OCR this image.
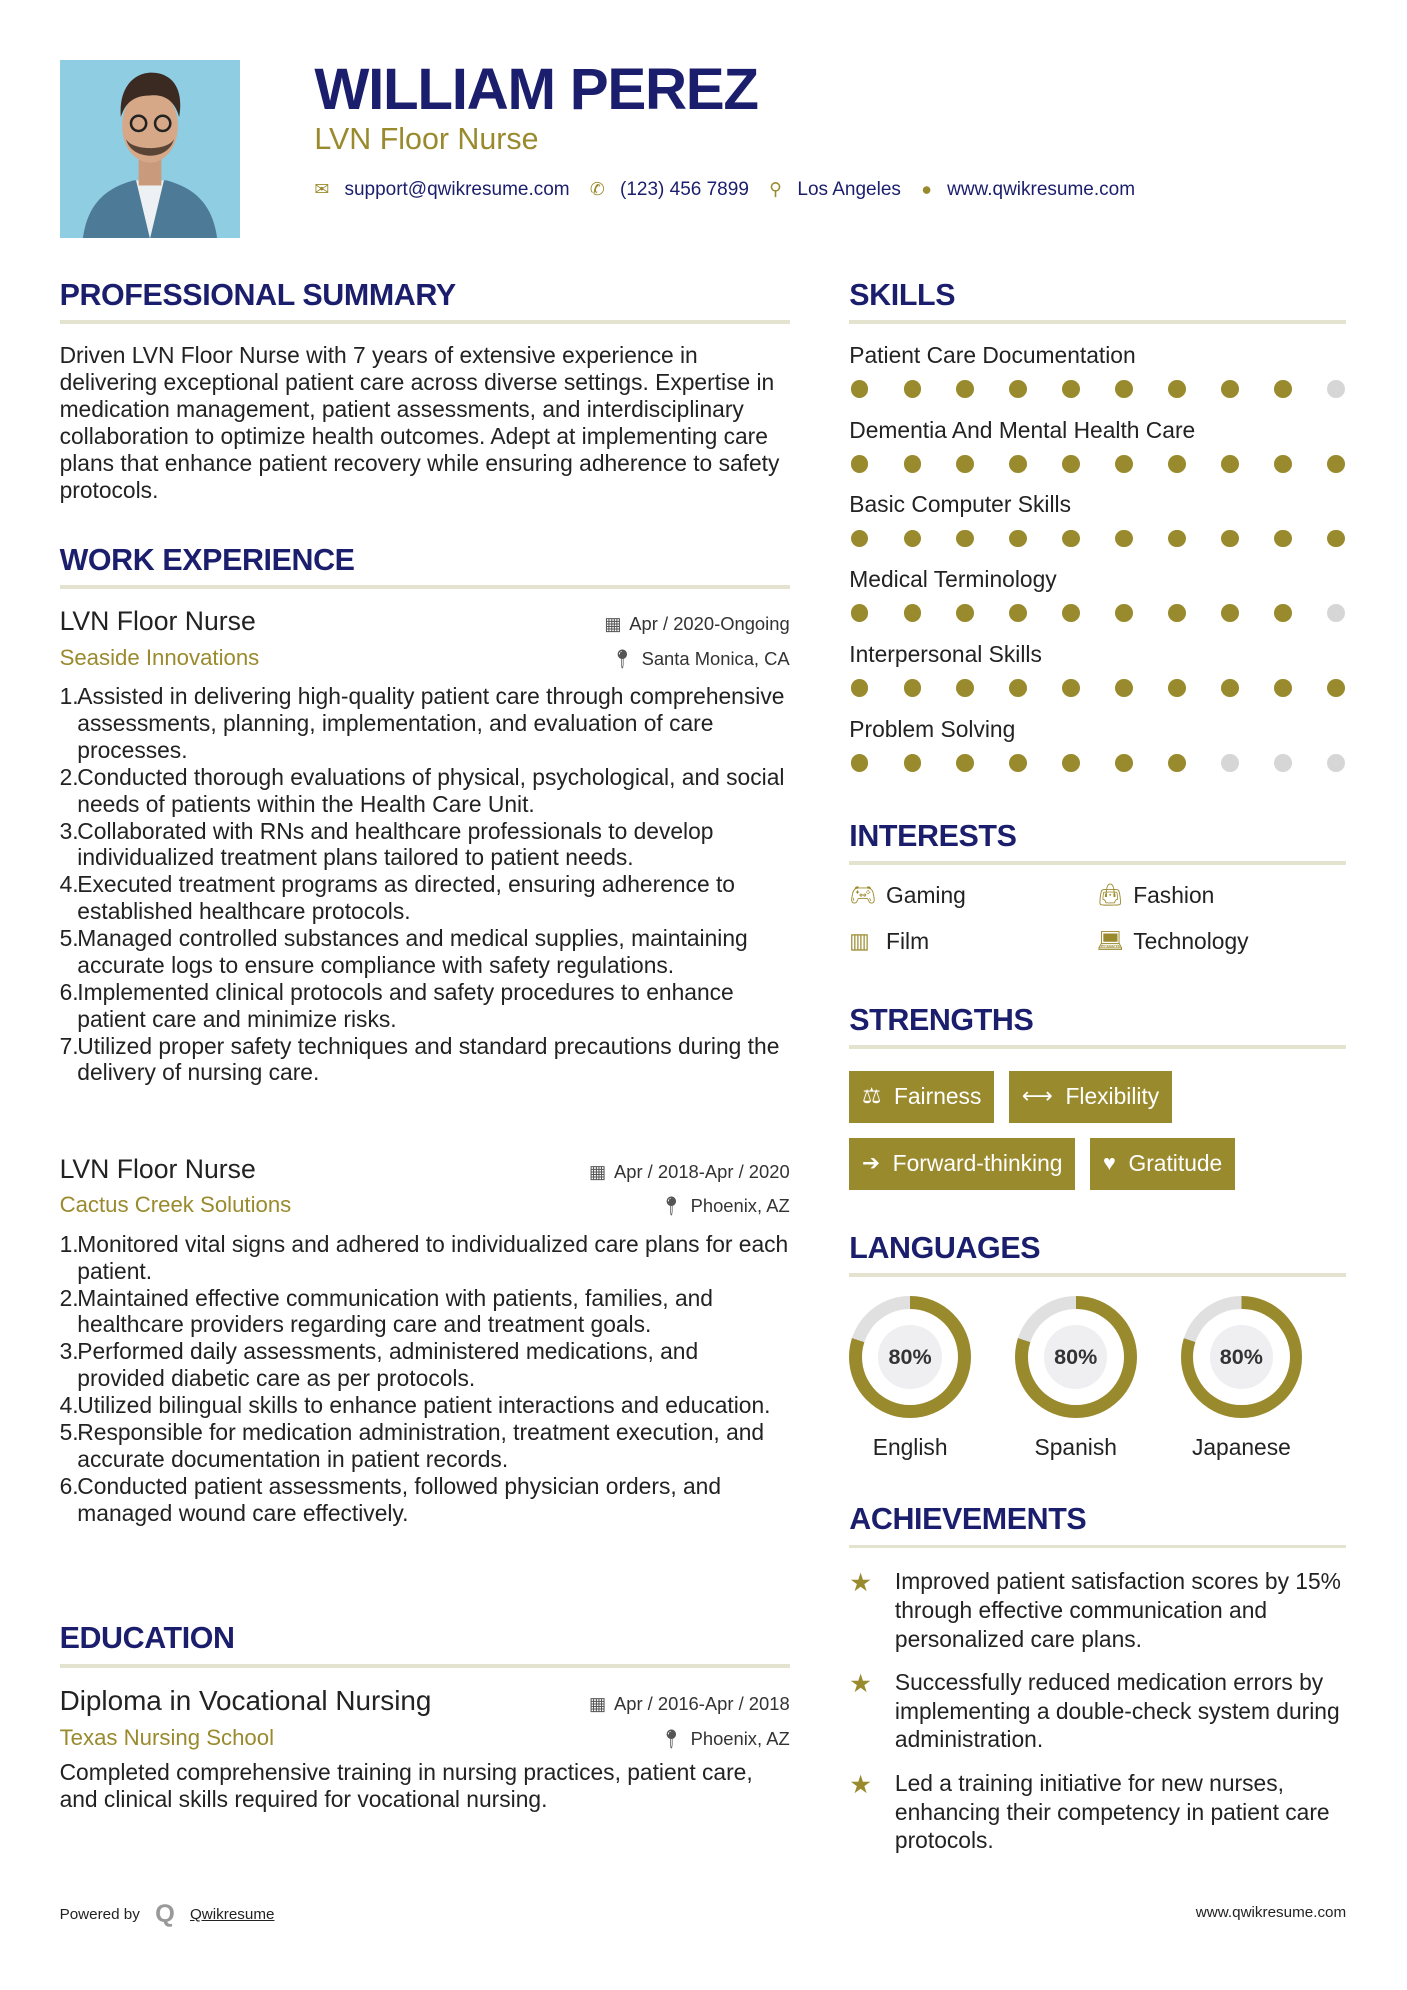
WILLIAM PEREZ
LVN Floor Nurse
✉ support@qwikresume.com ✆ (123) 456 7899 ⚲ Los Angeles ● www.qwikresume.com
PROFESSIONAL SUMMARY
Driven LVN Floor Nurse with 7 years of extensive experience in delivering exceptional patient care across diverse settings. Expertise in medication management, patient assessments, and interdisciplinary collaboration to optimize health outcomes. Adept at implementing care plans that enhance patient recovery while ensuring adherence to safety protocols.
WORK EXPERIENCE
LVN Floor Nurse	▦ Apr / 2020-Ongoing
Seaside Innovations	📍︎ Santa Monica, CA
1.
Assisted in delivering high-quality patient care through comprehensive assessments, planning, implementation, and evaluation of care processes.
2.
Conducted thorough evaluations of physical, psychological, and social needs of patients within the Health Care Unit.
3.
Collaborated with RNs and healthcare professionals to develop individualized treatment plans tailored to patient needs.
4.
Executed treatment programs as directed, ensuring adherence to established healthcare protocols.
5.
Managed controlled substances and medical supplies, maintaining accurate logs to ensure compliance with safety regulations.
6.
Implemented clinical protocols and safety procedures to enhance patient care and minimize risks.
7.
Utilized proper safety techniques and standard precautions during the delivery of nursing care.
LVN Floor Nurse	▦ Apr / 2018-Apr / 2020
Cactus Creek Solutions	📍︎ Phoenix, AZ
1.
Monitored vital signs and adhered to individualized care plans for each patient.
2.
Maintained effective communication with patients, families, and healthcare providers regarding care and treatment goals.
3.
Performed daily assessments, administered medications, and provided diabetic care as per protocols.
4.
Utilized bilingual skills to enhance patient interactions and education.
5.
Responsible for medication administration, treatment execution, and accurate documentation in patient records.
6.
Conducted patient assessments, followed physician orders, and managed wound care effectively.
EDUCATION
Diploma in Vocational Nursing	▦ Apr / 2016-Apr / 2018
Texas Nursing School	📍︎ Phoenix, AZ
Completed comprehensive training in nursing practices, patient care, and clinical skills required for vocational nursing.
SKILLS
Patient Care Documentation
Dementia And Mental Health Care
Basic Computer Skills
Medical Terminology
Interpersonal Skills
Problem Solving
INTERESTS
🎮︎ Gaming	👜︎ Fashion
▥ Film	💻︎ Technology
STRENGTHS
⚖ Fairness ⟷ Flexibility
➔ Forward-thinking ♥ Gratitude
LANGUAGES
80%
English
80%
Spanish
80%
Japanese
ACHIEVEMENTS
★	Improved patient satisfaction scores by 15% through effective communication and personalized care plans.
★	Successfully reduced medication errors by implementing a double-check system during administration.
★	Led a training initiative for new nurses, enhancing their competency in patient care protocols.
Powered by Q Qwikresume	www.qwikresume.com
